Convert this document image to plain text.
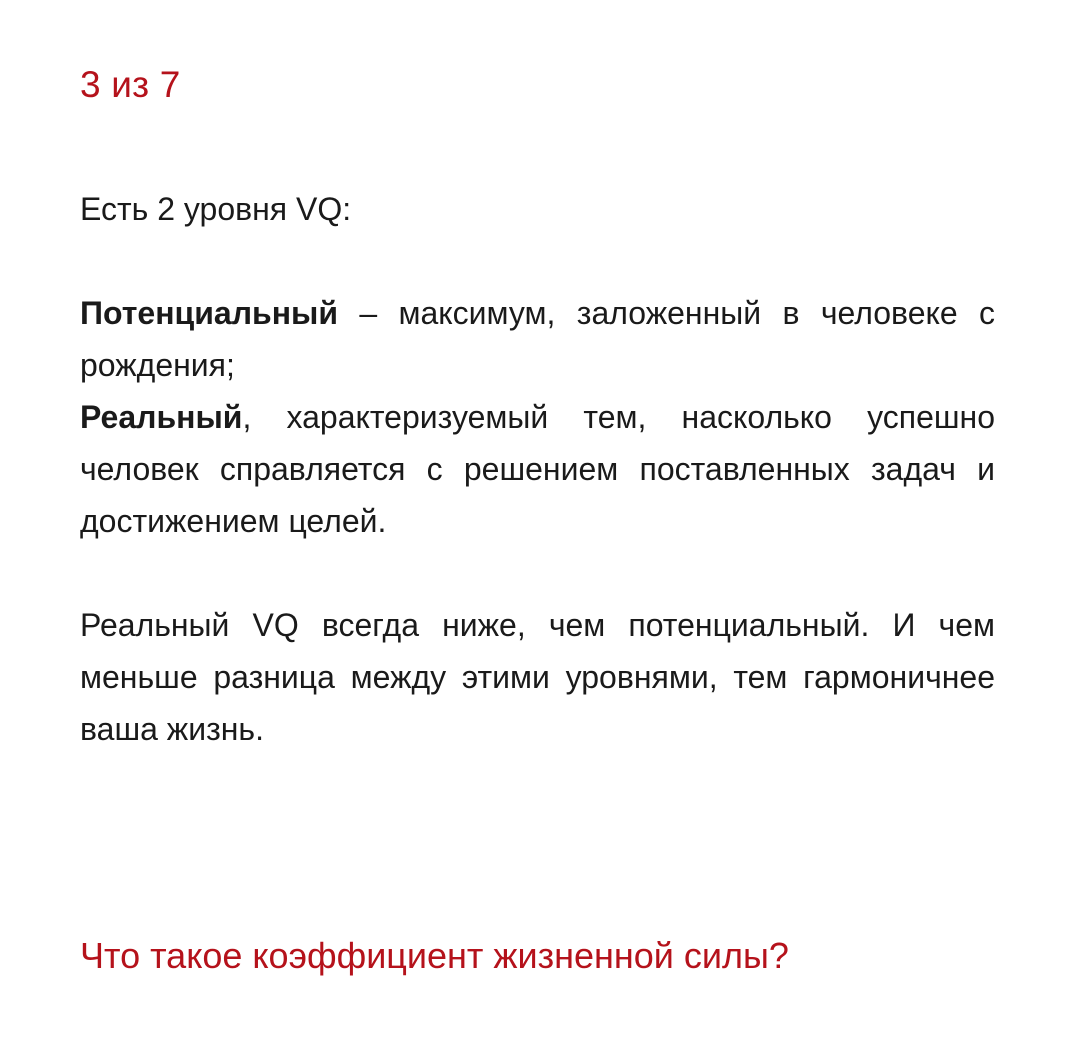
3 из 7
Есть 2 уровня VQ:

Потенциальный – максимум, заложенный в человеке с рождения;

Реальный, характеризуемый тем, насколько успешно человек справляется с решением поставленных задач и достижением целей.

Реальный VQ всегда ниже, чем потенциальный. И чем меньше разница между этими уровнями, тем гармоничнее ваша жизнь.

Что такое коэффициент жизненной силы?
